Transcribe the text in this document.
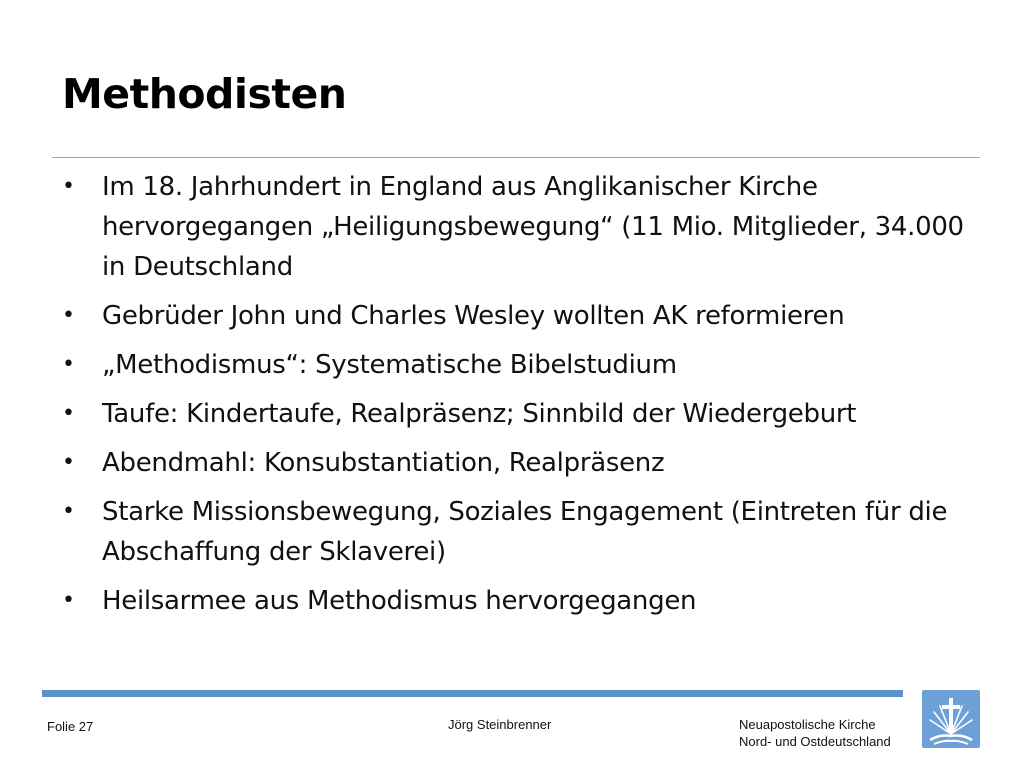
Methodisten
• Im 18. Jahrhundert in England aus Anglikanischer Kirche hervorgegangen „Heiligungsbewegung“ (11 Mio. Mitglieder, 34.000 in Deutschland
• Gebrüder John und Charles Wesley wollten AK reformieren
• „Methodismus“: Systematische Bibelstudium
• Taufe: Kindertaufe, Realpräsenz; Sinnbild der Wiedergeburt
• Abendmahl: Konsubstantiation, Realpräsenz
• Starke Missionsbewegung, Soziales Engagement (Eintreten für die Abschaffung der Sklaverei)
• Heilsarmee aus Methodismus hervorgegangen
Folie 27	Jörg Steinbrenner	Neuapostolische Kirche
Nord- und Ostdeutschland
